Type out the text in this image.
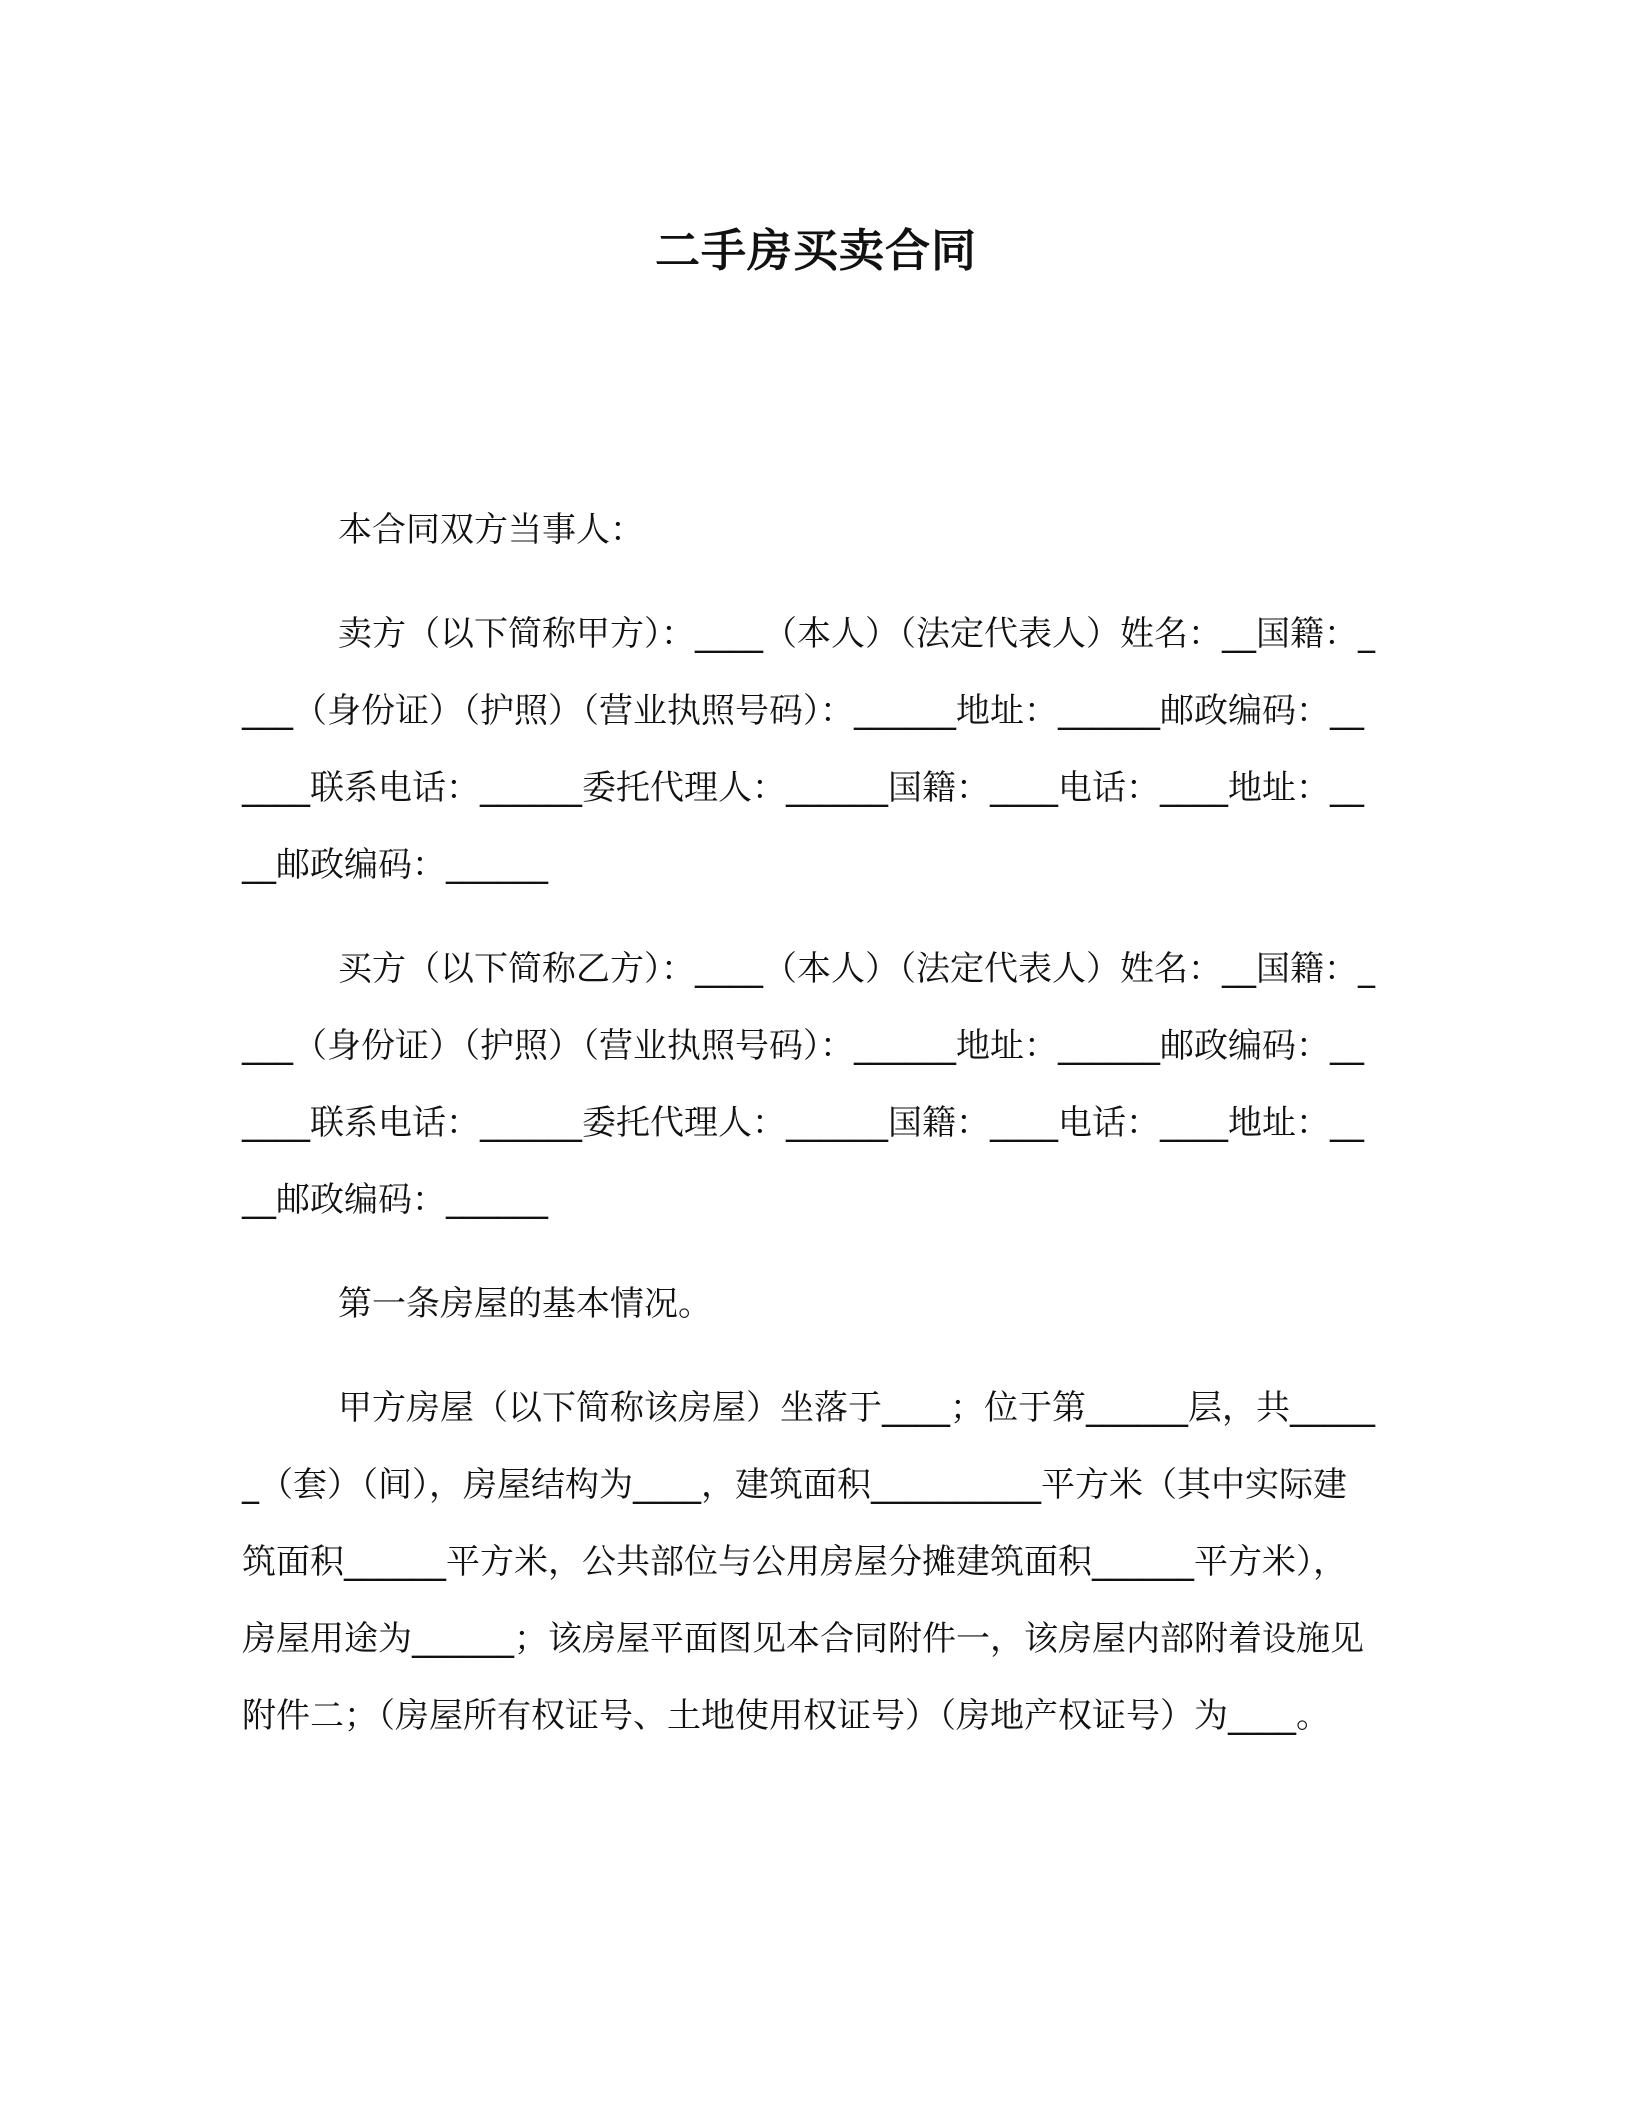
二手房买卖合同

本合同双方当事人：

卖方（以下简称甲方）：____（本人）（法定代表人）姓名：__国籍：____（身份证）（护照）（营业执照号码）：______地址：______邮政编码：______联系电话：______委托代理人：______国籍：____电话：____地址：____邮政编码：______

买方（以下简称乙方）：____（本人）（法定代表人）姓名：__国籍：____（身份证）（护照）（营业执照号码）：______地址：______邮政编码：______联系电话：______委托代理人：______国籍：____电话：____地址：____邮政编码：______

第一条房屋的基本情况。

甲方房屋（以下简称该房屋）坐落于____；位于第______层，共______（套）（间），房屋结构为____，建筑面积__________平方米（其中实际建筑面积______平方米，公共部位与公用房屋分摊建筑面积______平方米），房屋用途为______；该房屋平面图见本合同附件一，该房屋内部附着设施见附件二；（房屋所有权证号、土地使用权证号）（房地产权证号）为____。
